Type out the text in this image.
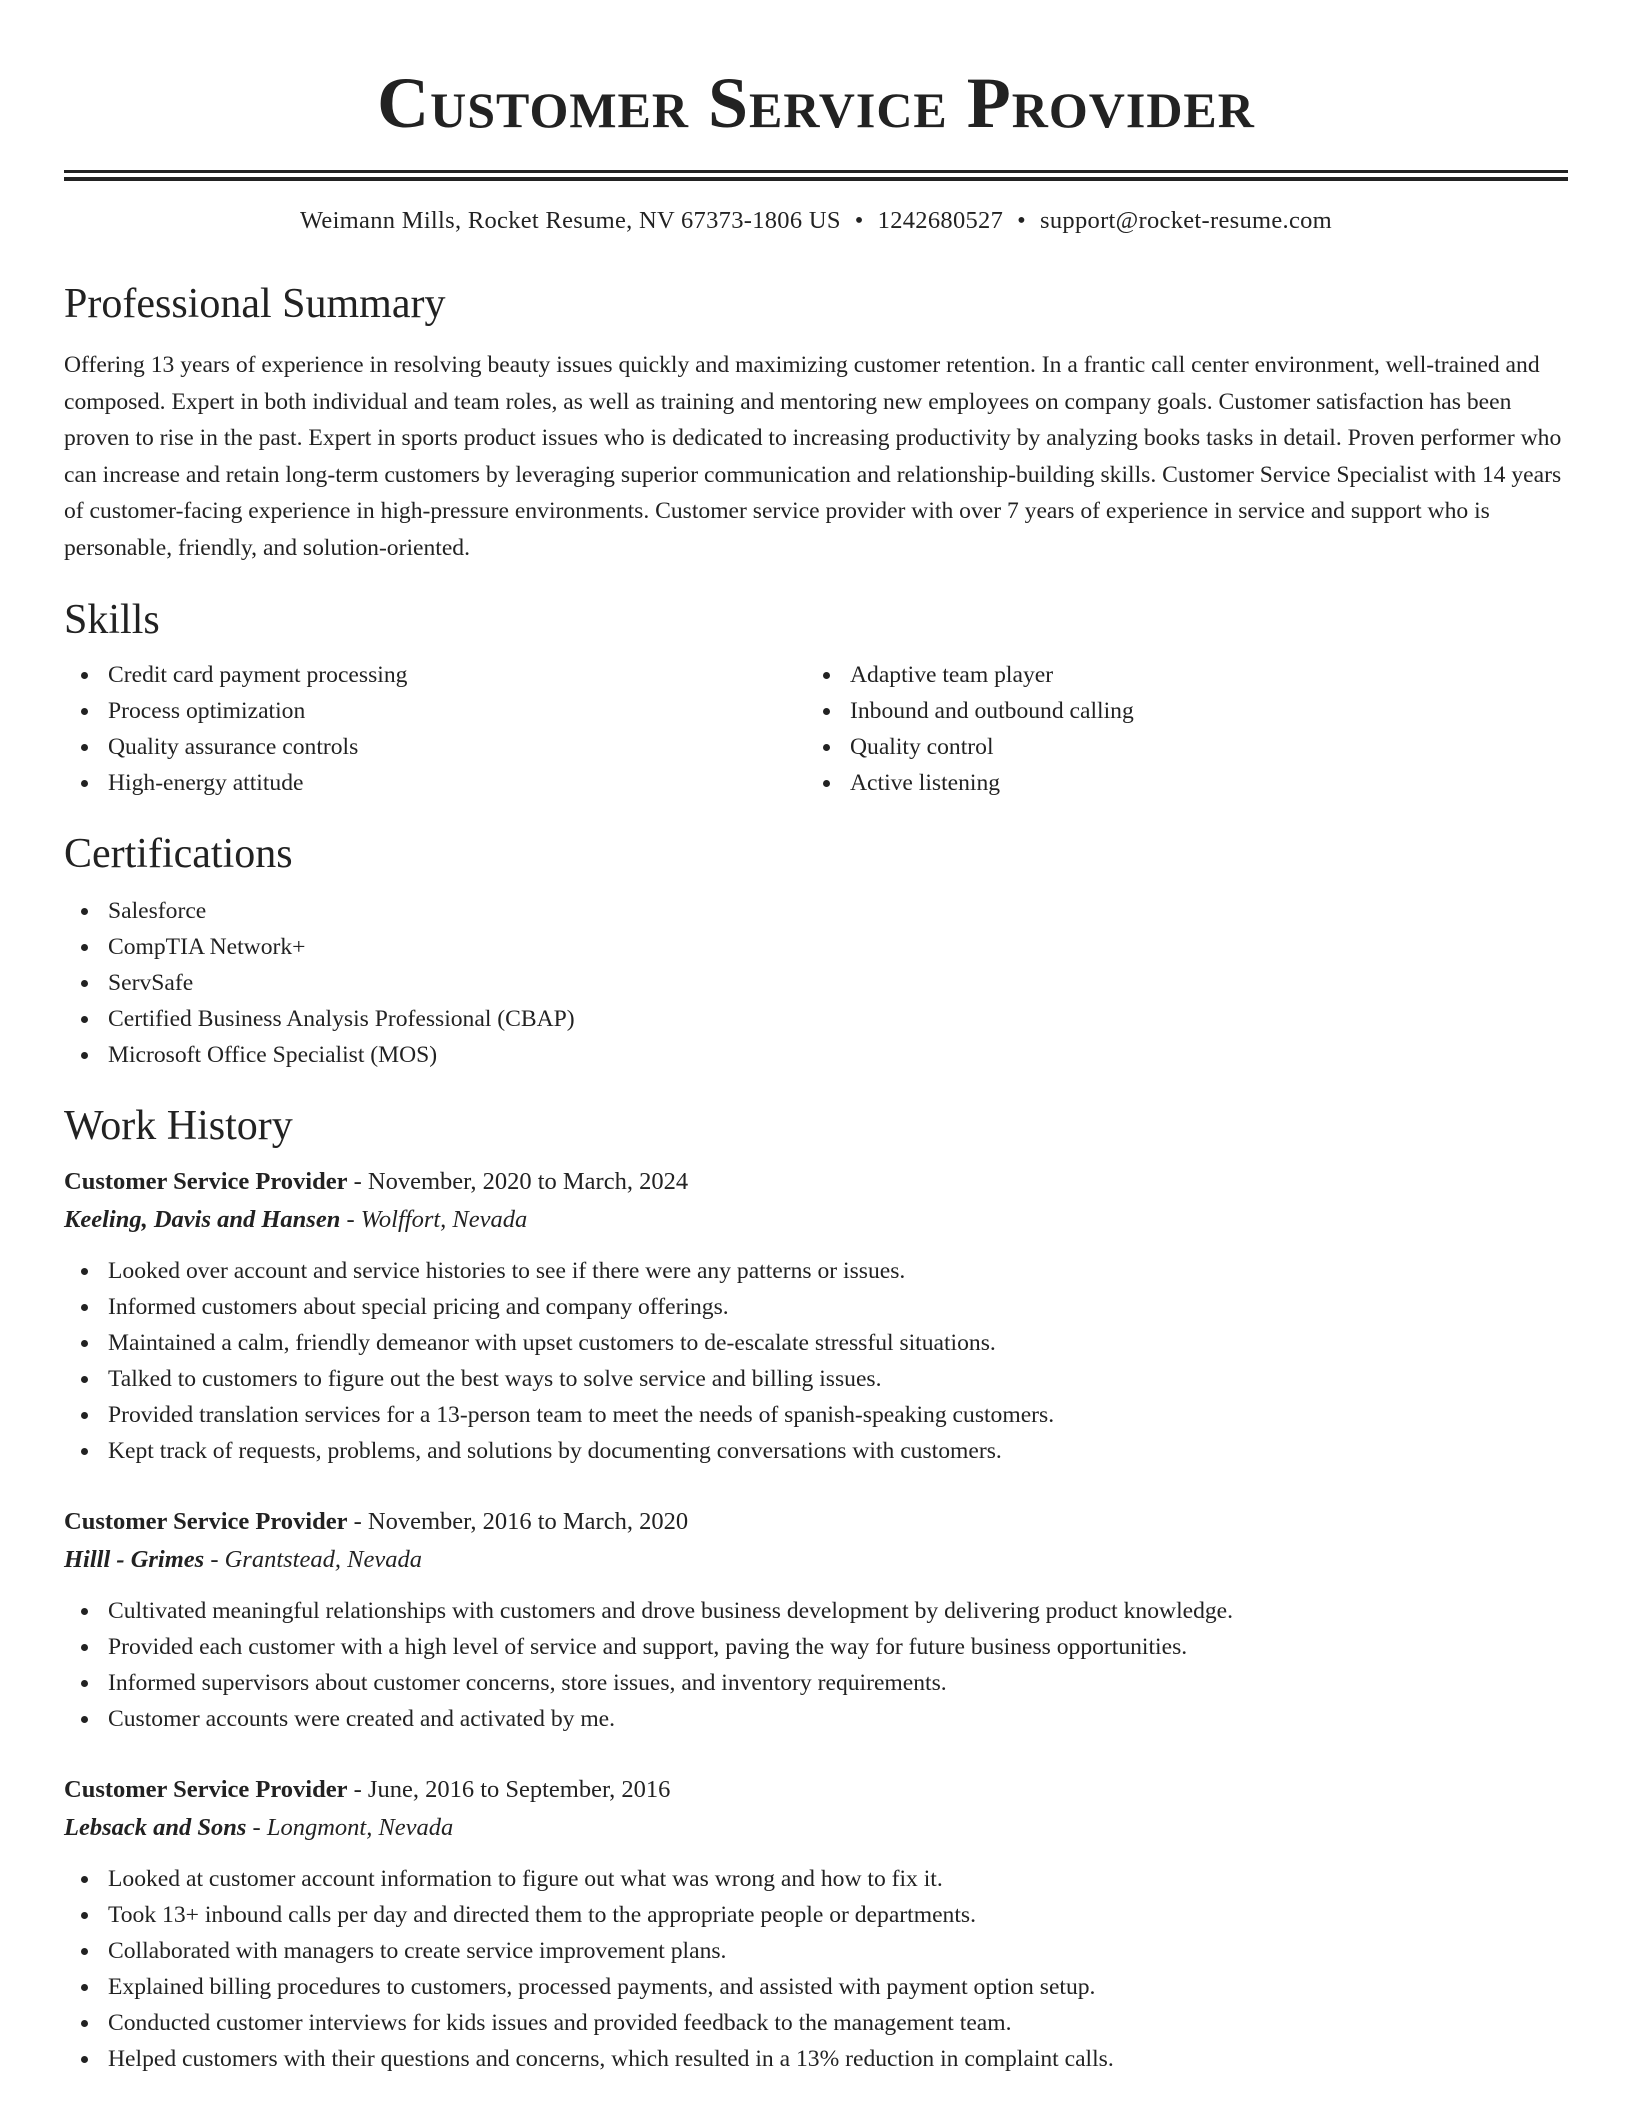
Customer Service Provider
Weimann Mills, Rocket Resume, NV 67373-1806 US • 1242680527 • support@rocket-resume.com
Professional Summary

Offering 13 years of experience in resolving beauty issues quickly and maximizing customer retention. In a frantic call center environment, well-trained and composed. Expert in both individual and team roles, as well as training and mentoring new employees on company goals. Customer satisfaction has been proven to rise in the past. Expert in sports product issues who is dedicated to increasing productivity by analyzing books tasks in detail. Proven performer who can increase and retain long-term customers by leveraging superior communication and relationship-building skills. Customer Service Specialist with 14 years of customer-facing experience in high-pressure environments. Customer service provider with over 7 years of experience in service and support who is personable, friendly, and solution-oriented.

Skills
Credit card payment processing
Process optimization
Quality assurance controls
High-energy attitude
Adaptive team player
Inbound and outbound calling
Quality control
Active listening
Certifications
Salesforce
CompTIA Network+
ServSafe
Certified Business Analysis Professional (CBAP)
Microsoft Office Specialist (MOS)
Work History
Customer Service Provider - November, 2020 to March, 2024
Keeling, Davis and Hansen - Wolffort, Nevada
Looked over account and service histories to see if there were any patterns or issues.
Informed customers about special pricing and company offerings.
Maintained a calm, friendly demeanor with upset customers to de-escalate stressful situations.
Talked to customers to figure out the best ways to solve service and billing issues.
Provided translation services for a 13-person team to meet the needs of spanish-speaking customers.
Kept track of requests, problems, and solutions by documenting conversations with customers.
Customer Service Provider - November, 2016 to March, 2020
Hilll - Grimes - Grantstead, Nevada
Cultivated meaningful relationships with customers and drove business development by delivering product knowledge.
Provided each customer with a high level of service and support, paving the way for future business opportunities.
Informed supervisors about customer concerns, store issues, and inventory requirements.
Customer accounts were created and activated by me.
Customer Service Provider - June, 2016 to September, 2016
Lebsack and Sons - Longmont, Nevada
Looked at customer account information to figure out what was wrong and how to fix it.
Took 13+ inbound calls per day and directed them to the appropriate people or departments.
Collaborated with managers to create service improvement plans.
Explained billing procedures to customers, processed payments, and assisted with payment option setup.
Conducted customer interviews for kids issues and provided feedback to the management team.
Helped customers with their questions and concerns, which resulted in a 13% reduction in complaint calls.
